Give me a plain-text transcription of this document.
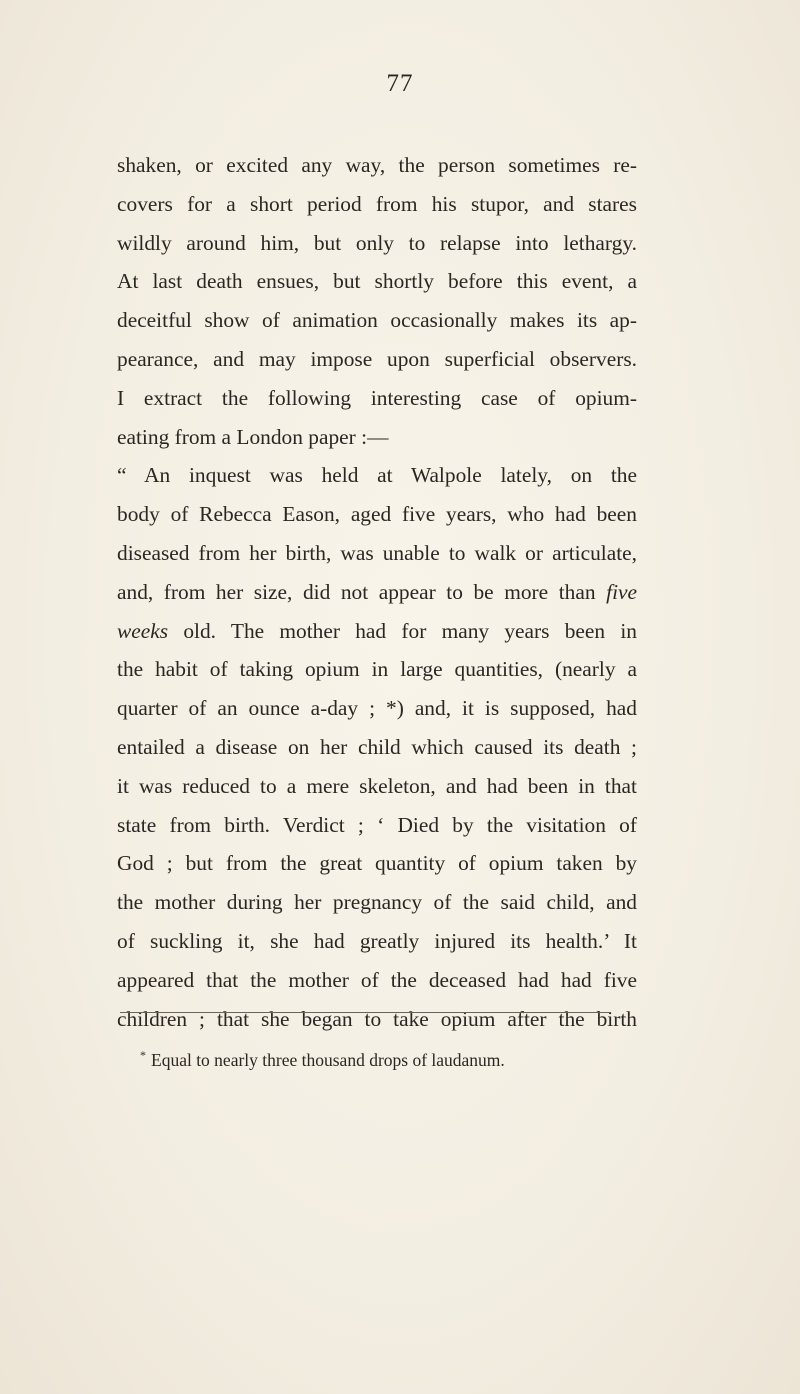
77
shaken, or excited any way, the person sometimes re-
covers for a short period from his stupor, and stares
wildly around him, but only to relapse into lethargy.
At last death ensues, but shortly before this event, a
deceitful show of animation occasionally makes its ap-
pearance, and may impose upon superficial observers.
I extract the following interesting case of opium-
eating from a London paper :—
“ An inquest was held at Walpole lately, on the
body of Rebecca Eason, aged five years, who had been
diseased from her birth, was unable to walk or articulate,
and, from her size, did not appear to be more than five
weeks old. The mother had for many years been in
the habit of taking opium in large quantities, (nearly a
quarter of an ounce a-day ; *) and, it is supposed, had
entailed a disease on her child which caused its death ;
it was reduced to a mere skeleton, and had been in that
state from birth. Verdict ; ‘ Died by the visitation of
God ; but from the great quantity of opium taken by
the mother during her pregnancy of the said child, and
of suckling it, she had greatly injured its health.’ It
appeared that the mother of the deceased had had five
children ; that she began to take opium after the birth
* Equal to nearly three thousand drops of laudanum.
